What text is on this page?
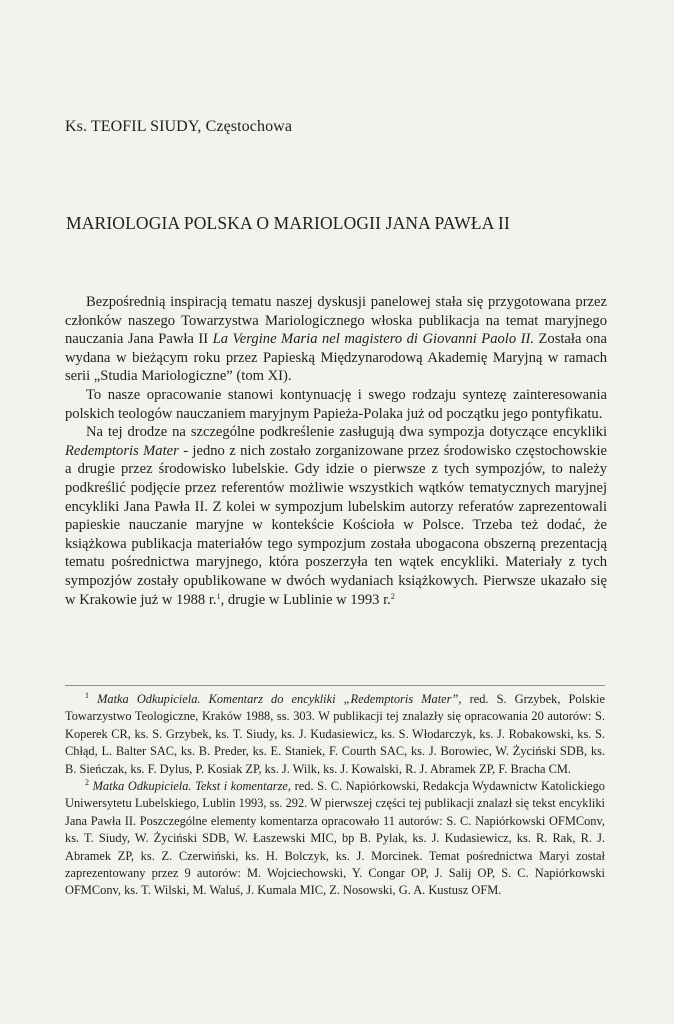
Ks. TEOFIL SIUDY, Częstochowa
MARIOLOGIA POLSKA O MARIOLOGII JANA PAWŁA II

Bezpośrednią inspiracją tematu naszej dyskusji panelowej stała się przygotowana przez członków naszego Towarzystwa Mariologicznego włoska publikacja na temat maryjnego nauczania Jana Pawła II La Vergine Maria nel magistero di Giovanni Paolo II. Została ona wydana w bieżącym roku przez Papieską Międzynarodową Akademię Maryjną w ramach serii „Studia Mariologiczne” (tom XI).

To nasze opracowanie stanowi kontynuację i swego rodzaju syntezę zainteresowania polskich teologów nauczaniem maryjnym Papieża-Polaka już od początku jego pontyfikatu.

Na tej drodze na szczególne podkreślenie zasługują dwa sympozja dotyczące encykliki Redemptoris Mater - jedno z nich zostało zorganizowane przez środowisko częstochowskie a drugie przez środowisko lubelskie. Gdy idzie o pierwsze z tych sympozjów, to należy podkreślić podjęcie przez referentów możliwie wszystkich wątków tematycznych maryjnej encykliki Jana Pawła II. Z kolei w sympozjum lubelskim autorzy referatów zaprezentowali papieskie nauczanie maryjne w kontekście Kościoła w Polsce. Trzeba też dodać, że książkowa publikacja materiałów tego sympozjum została ubogacona obszerną prezentacją tematu pośrednictwa maryjnego, która poszerzyła ten wątek encykliki. Materiały z tych sympozjów zostały opublikowane w dwóch wydaniach książkowych. Pierwsze ukazało się w Krakowie już w 1988 r.$^1$, drugie w Lublinie w 1993 r.$^2$

$^1$ Matka Odkupiciela. Komentarz do encykliki „Redemptoris Mater”, red. S. Grzybek, Polskie Towarzystwo Teologiczne, Kraków 1988, ss. 303. W publikacji tej znalazły się opracowania 20 autorów: S. Koperek CR, ks. S. Grzybek, ks. T. Siudy, ks. J. Kudasiewicz, ks. S. Włodarczyk, ks. J. Robakowski, ks. S. Chłąd, L. Balter SAC, ks. B. Preder, ks. E. Staniek, F. Courth SAC, ks. J. Borowiec, W. Życiński SDB, ks. B. Sieńczak, ks. F. Dylus, P. Kosiak ZP, ks. J. Wilk, ks. J. Kowalski, R. J. Abramek ZP, F. Bracha CM.

$^2$ Matka Odkupiciela. Tekst i komentarze, red. S. C. Napiórkowski, Redakcja Wydawnictw Katolickiego Uniwersytetu Lubelskiego, Lublin 1993, ss. 292. W pierwszej części tej publikacji znalazł się tekst encykliki Jana Pawła II. Poszczególne elementy komentarza opracowało 11 autorów: S. C. Napiórkowski OFMConv, ks. T. Siudy, W. Życiński SDB, W. Łaszewski MIC, bp B. Pylak, ks. J. Kudasiewicz, ks. R. Rak, R. J. Abramek ZP, ks. Z. Czerwiński, ks. H. Bolczyk, ks. J. Morcinek. Temat pośrednictwa Maryi został zaprezentowany przez 9 autorów: M. Wojciechowski, Y. Congar OP, J. Salij OP, S. C. Napiórkowski OFMConv, ks. T. Wilski, M. Waluś, J. Kumala MIC, Z. Nosowski, G. A. Kustusz OFM.
